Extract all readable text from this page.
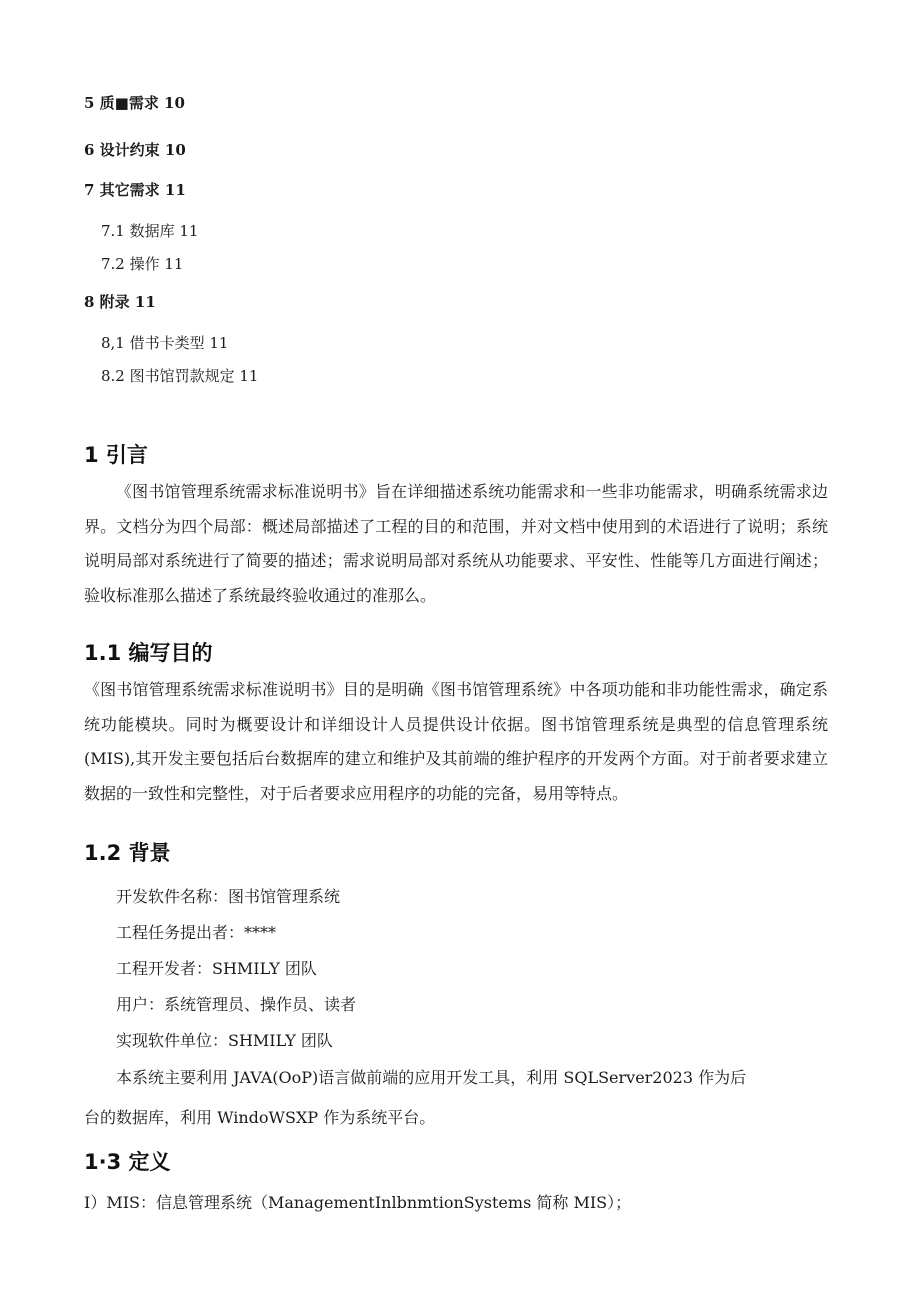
5 质■需求 10
6 设计约束 10
7 其它需求 11
7.1 数据库 11
7.2 操作 11
8 附录 11
8,1 借书卡类型 11
8.2 图书馆罚款规定 11
1 引言
《图书馆管理系统需求标准说明书》旨在详细描述系统功能需求和一些非功能需求，明确系统需求边界。文档分为四个局部：概述局部描述了工程的目的和范围，并对文档中使用到的术语进行了说明；系统说明局部对系统进行了简要的描述；需求说明局部对系统从功能要求、平安性、性能等几方面进行阐述；验收标准那么描述了系统最终验收通过的准那么。
1.1 编写目的
《图书馆管理系统需求标准说明书》目的是明确《图书馆管理系统》中各项功能和非功能性需求，确定系统功能模块。同时为概要设计和详细设计人员提供设计依据。图书馆管理系统是典型的信息管理系统(MIS),其开发主要包括后台数据库的建立和维护及其前端的维护程序的开发两个方面。对于前者要求建立数据的一致性和完整性，对于后者要求应用程序的功能的完备，易用等特点。
1.2 背景
开发软件名称：图书馆管理系统
工程任务提出者：****
工程开发者：SHMILY 团队
用户：系统管理员、操作员、读者
实现软件单位：SHMILY 团队
本系统主要利用 JAVA(OoP)语言做前端的应用开发工具，利用 SQLServer2023 作为后
台的数据库，利用 WindoWSXP 作为系统平台。
1·3 定义
I）MIS：信息管理系统（ManagementInlbnmtionSystems 简称 MIS）；
